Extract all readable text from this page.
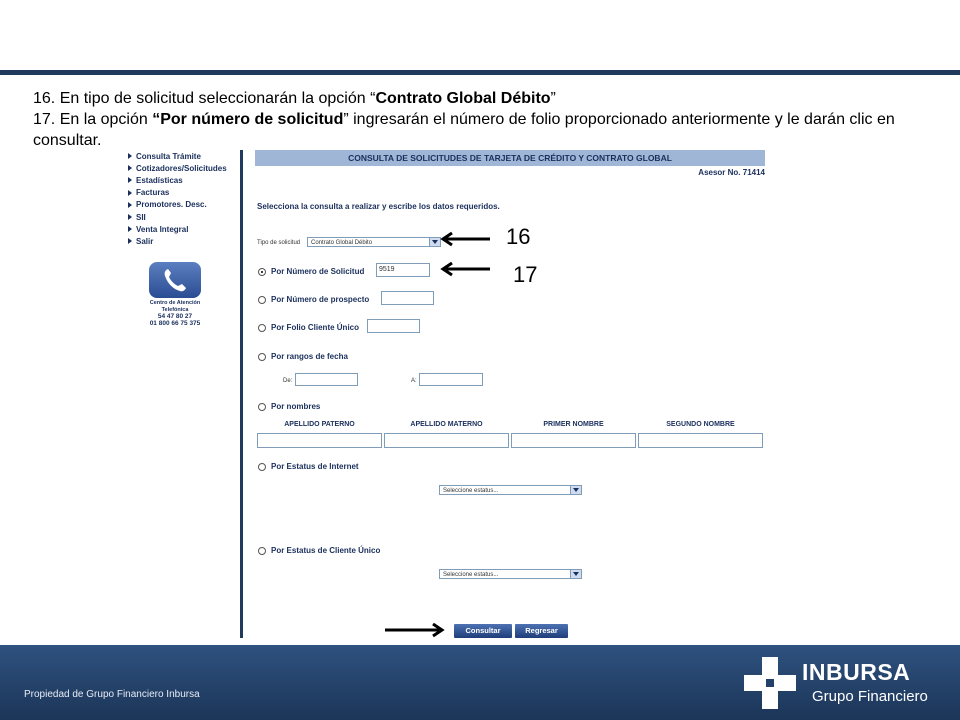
16. En tipo de solicitud seleccionarán la opción “Contrato Global Débito”

17. En la opción “Por número de solicitud” ingresarán el número de folio proporcionado anteriormente y le darán clic en consultar.

Consulta Trámite
Cotizadores/Solicitudes
Estadísticas
Facturas
Promotores. Desc.
SII
Venta Integral
Salir
Centro de Atención Telefónica
54 47 80 27
01 800 66 75 375
CONSULTA DE SOLICITUDES DE TARJETA DE CRÉDITO Y CONTRATO GLOBAL
Asesor No. 71414
Selecciona la consulta a realizar y escribe los datos requeridos.
Tipo de solicitud	Contrato Global Débito
Por Número de Solicitud	9519
Por Número de prospecto
Por Folio Cliente Único
Por rangos de fecha
De:	A:
Por nombres
APELLIDO PATERNO	APELLIDO MATERNO	PRIMER NOMBRE	SEGUNDO NOMBRE
Por Estatus de Internet
Seleccione estatus...
Por Estatus de Cliente Único
Seleccione estatus...
Consultar	Regresar
16
17
Propiedad de Grupo Financiero Inbursa
INBURSA
Grupo Financiero
